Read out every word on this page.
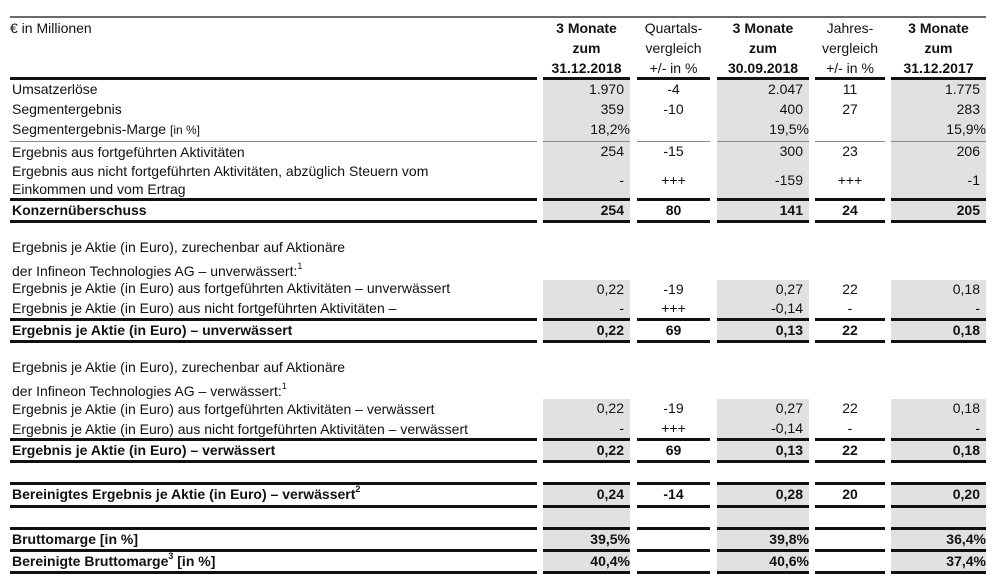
€ in Millionen
Umsatzerlöse
Segmentergebnis
Segmentergebnis-Marge [in %]
Ergebnis aus fortgeführten Aktivitäten
Ergebnis aus nicht fortgeführten Aktivitäten, abzüglich Steuern vom
Einkommen und vom Ertrag
Konzernüberschuss
Ergebnis je Aktie (in Euro), zurechenbar auf Aktionäre
der Infineon Technologies AG – unverwässert:$^1$
Ergebnis je Aktie (in Euro) aus fortgeführten Aktivitäten – unverwässert
Ergebnis je Aktie (in Euro) aus nicht fortgeführten Aktivitäten –
Ergebnis je Aktie (in Euro) – unverwässert
Ergebnis je Aktie (in Euro), zurechenbar auf Aktionäre
der Infineon Technologies AG – verwässert:$^1$
Ergebnis je Aktie (in Euro) aus fortgeführten Aktivitäten – verwässert
Ergebnis je Aktie (in Euro) aus nicht fortgeführten Aktivitäten – verwässert
Ergebnis je Aktie (in Euro) – verwässert
Bereinigtes Ergebnis je Aktie (in Euro) – verwässert$^2$
Bruttomarge [in %]
Bereinigte Bruttomarge$^3$ [in %]
3 Monate
zum
31.12.2018
1.970
359
18,2%
254
-
254
0,22
-
0,22
0,22
-
0,22
0,24
39,5%
40,4%
Quartals-
vergleich
+/- in %
-4
-10
-15
+++
80
-19
+++
69
-19
+++
69
-14
3 Monate
zum
30.09.2018
2.047
400
19,5%
300
-159
141
0,27
-0,14
0,13
0,27
-0,14
0,13
0,28
39,8%
40,6%
Jahres-
vergleich
+/- in %
11
27
23
+++
24
22
-
22
22
-
22
20
3 Monate
zum
31.12.2017
1.775
283
15,9%
206
-1
205
0,18
-
0,18
0,18
-
0,18
0,20
36,4%
37,4%
